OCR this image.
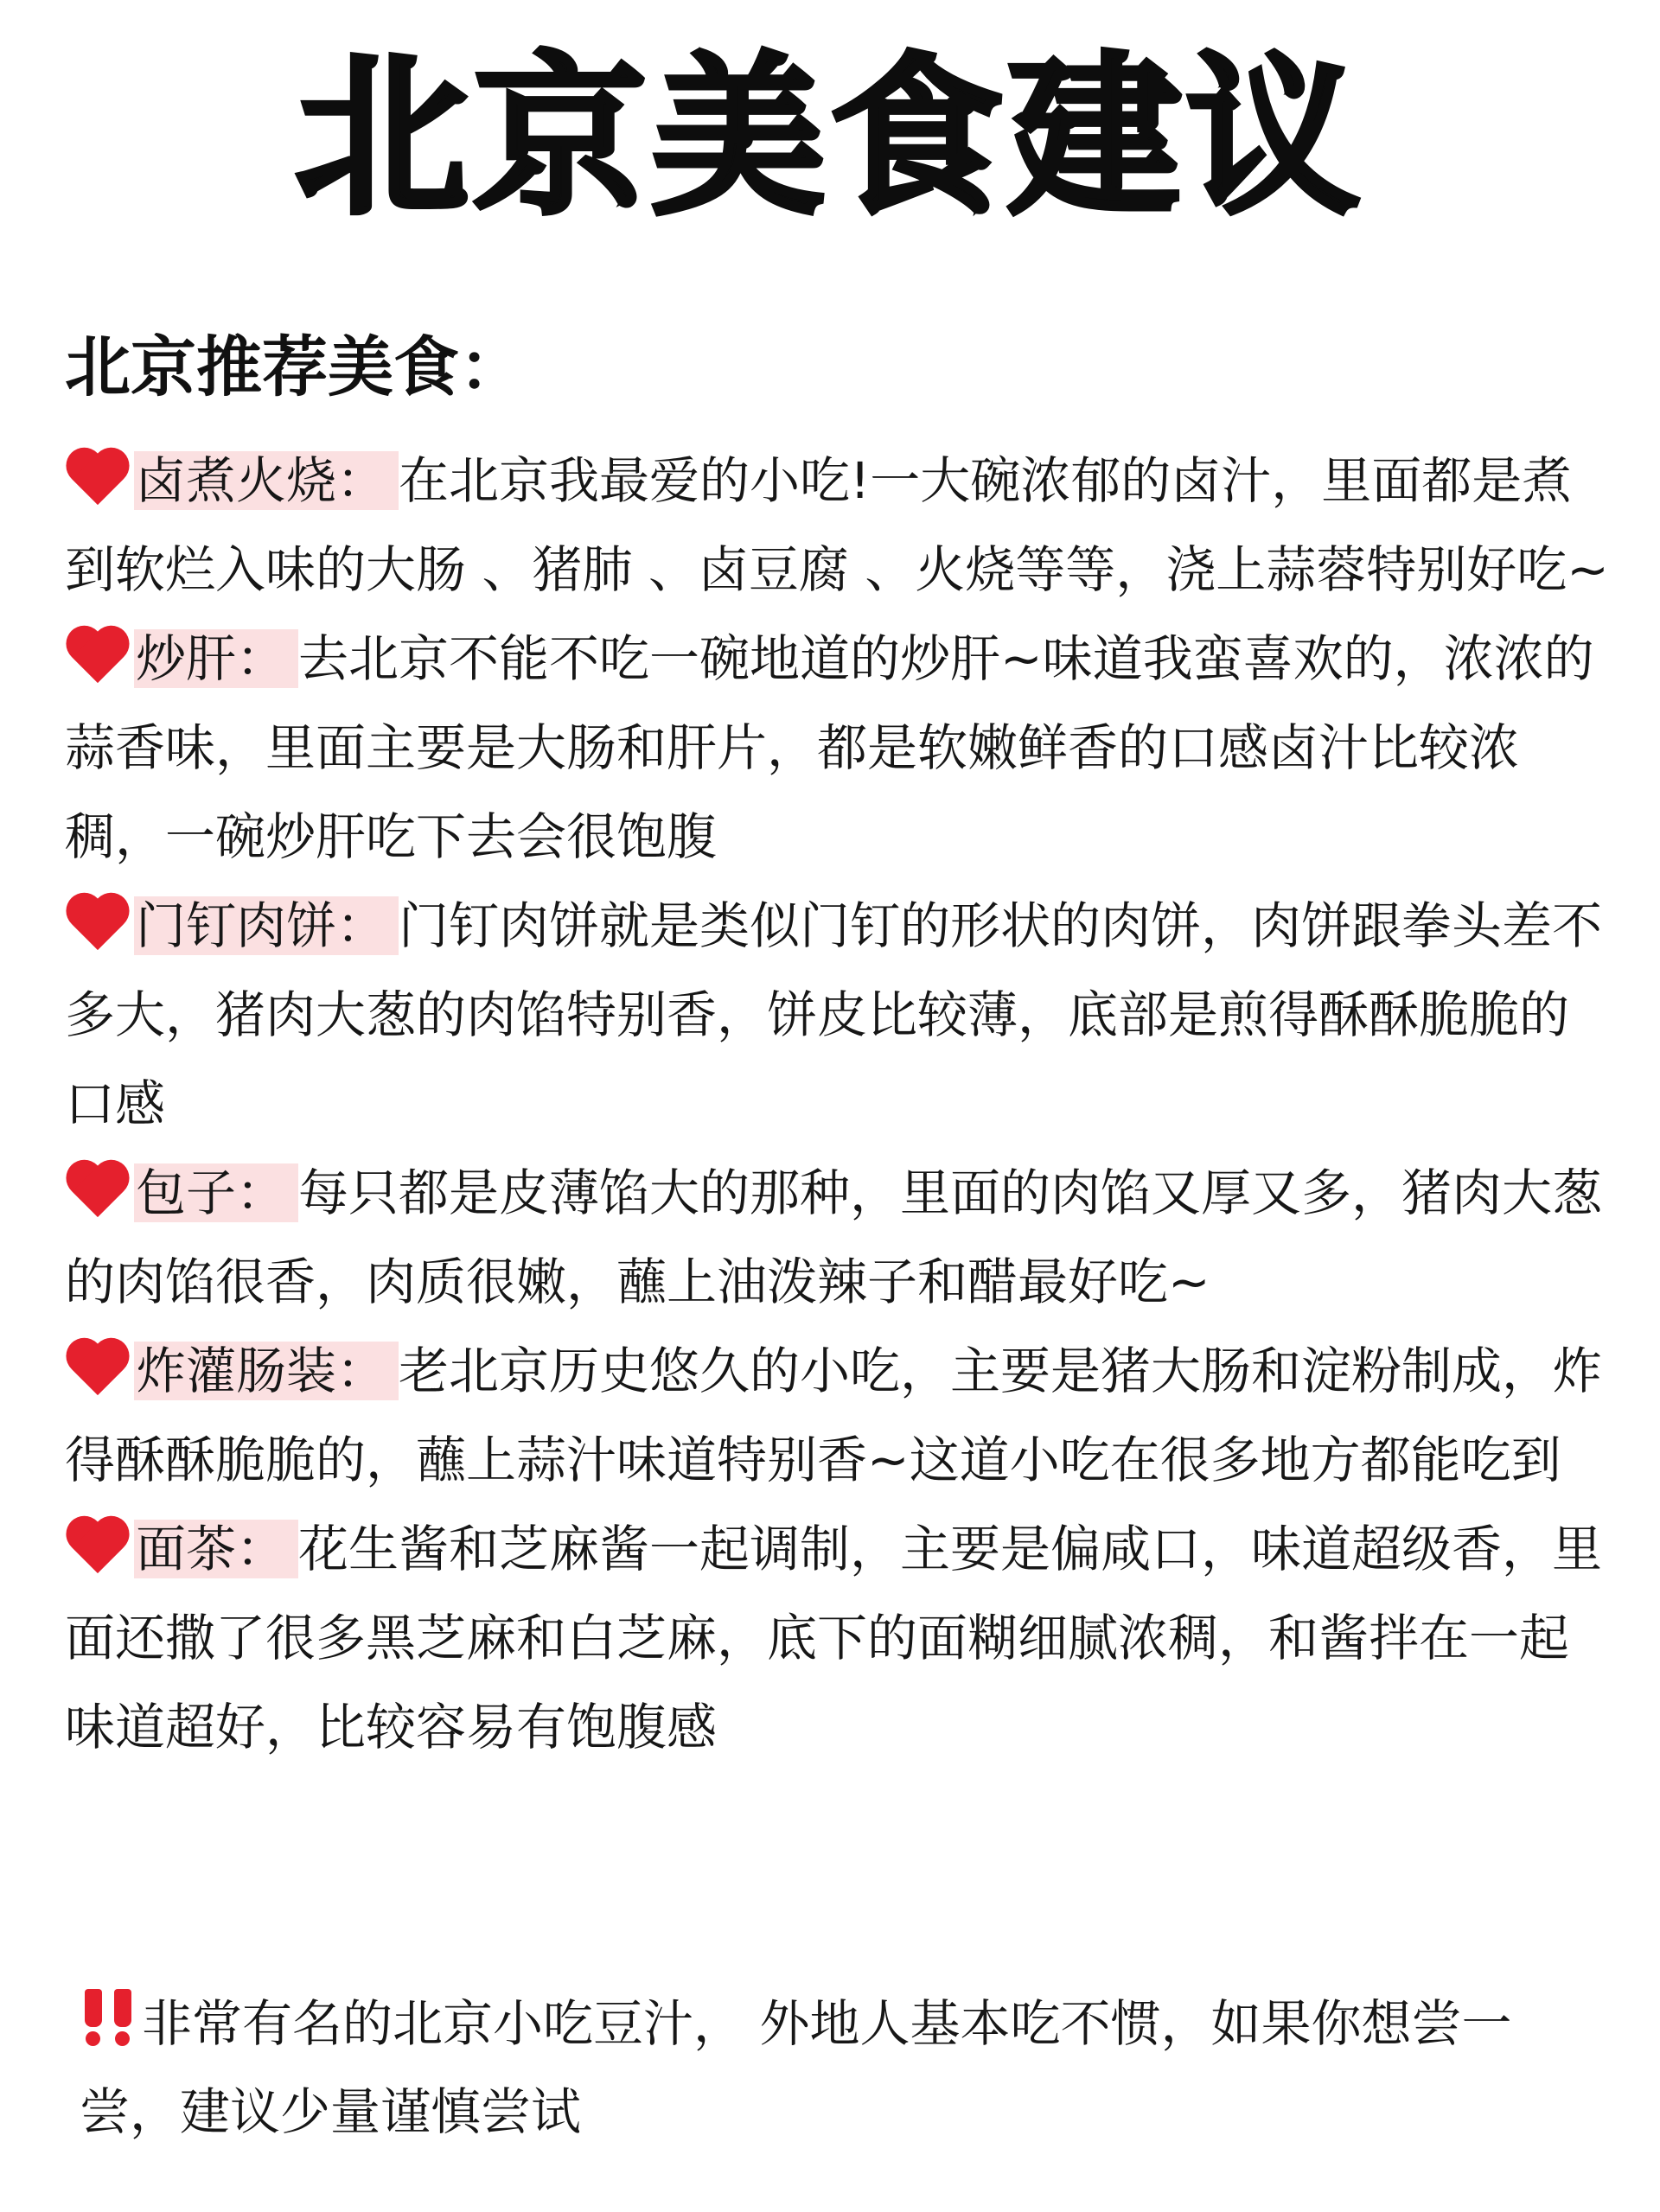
北京美食建议
北京推荐美食：

卤煮火烧： 在北京我最爱的小吃!一大碗浓郁的卤汁，里面都是煮到软烂入味的大肠 、猪肺 、卤豆腐 、火烧等等，浇上蒜蓉特别好吃~

炒肝： 去北京不能不吃一碗地道的炒肝~味道我蛮喜欢的，浓浓的蒜香味，里面主要是大肠和肝片，都是软嫩鲜香的口感卤汁比较浓稠，一碗炒肝吃下去会很饱腹

门钉肉饼： 门钉肉饼就是类似门钉的形状的肉饼，肉饼跟拳头差不多大，猪肉大葱的肉馅特别香，饼皮比较薄，底部是煎得酥酥脆脆的口感

包子： 每只都是皮薄馅大的那种，里面的肉馅又厚又多，猪肉大葱的肉馅很香，肉质很嫩，蘸上油泼辣子和醋最好吃~

炸灌肠装： 老北京历史悠久的小吃，主要是猪大肠和淀粉制成，炸得酥酥脆脆的，蘸上蒜汁味道特别香~这道小吃在很多地方都能吃到

面茶： 花生酱和芝麻酱一起调制，主要是偏咸口，味道超级香，里面还撒了很多黑芝麻和白芝麻，底下的面糊细腻浓稠，和酱拌在一起味道超好，比较容易有饱腹感

非常有名的北京小吃豆汁， 外地人基本吃不惯，如果你想尝一尝，建议少量谨慎尝试
